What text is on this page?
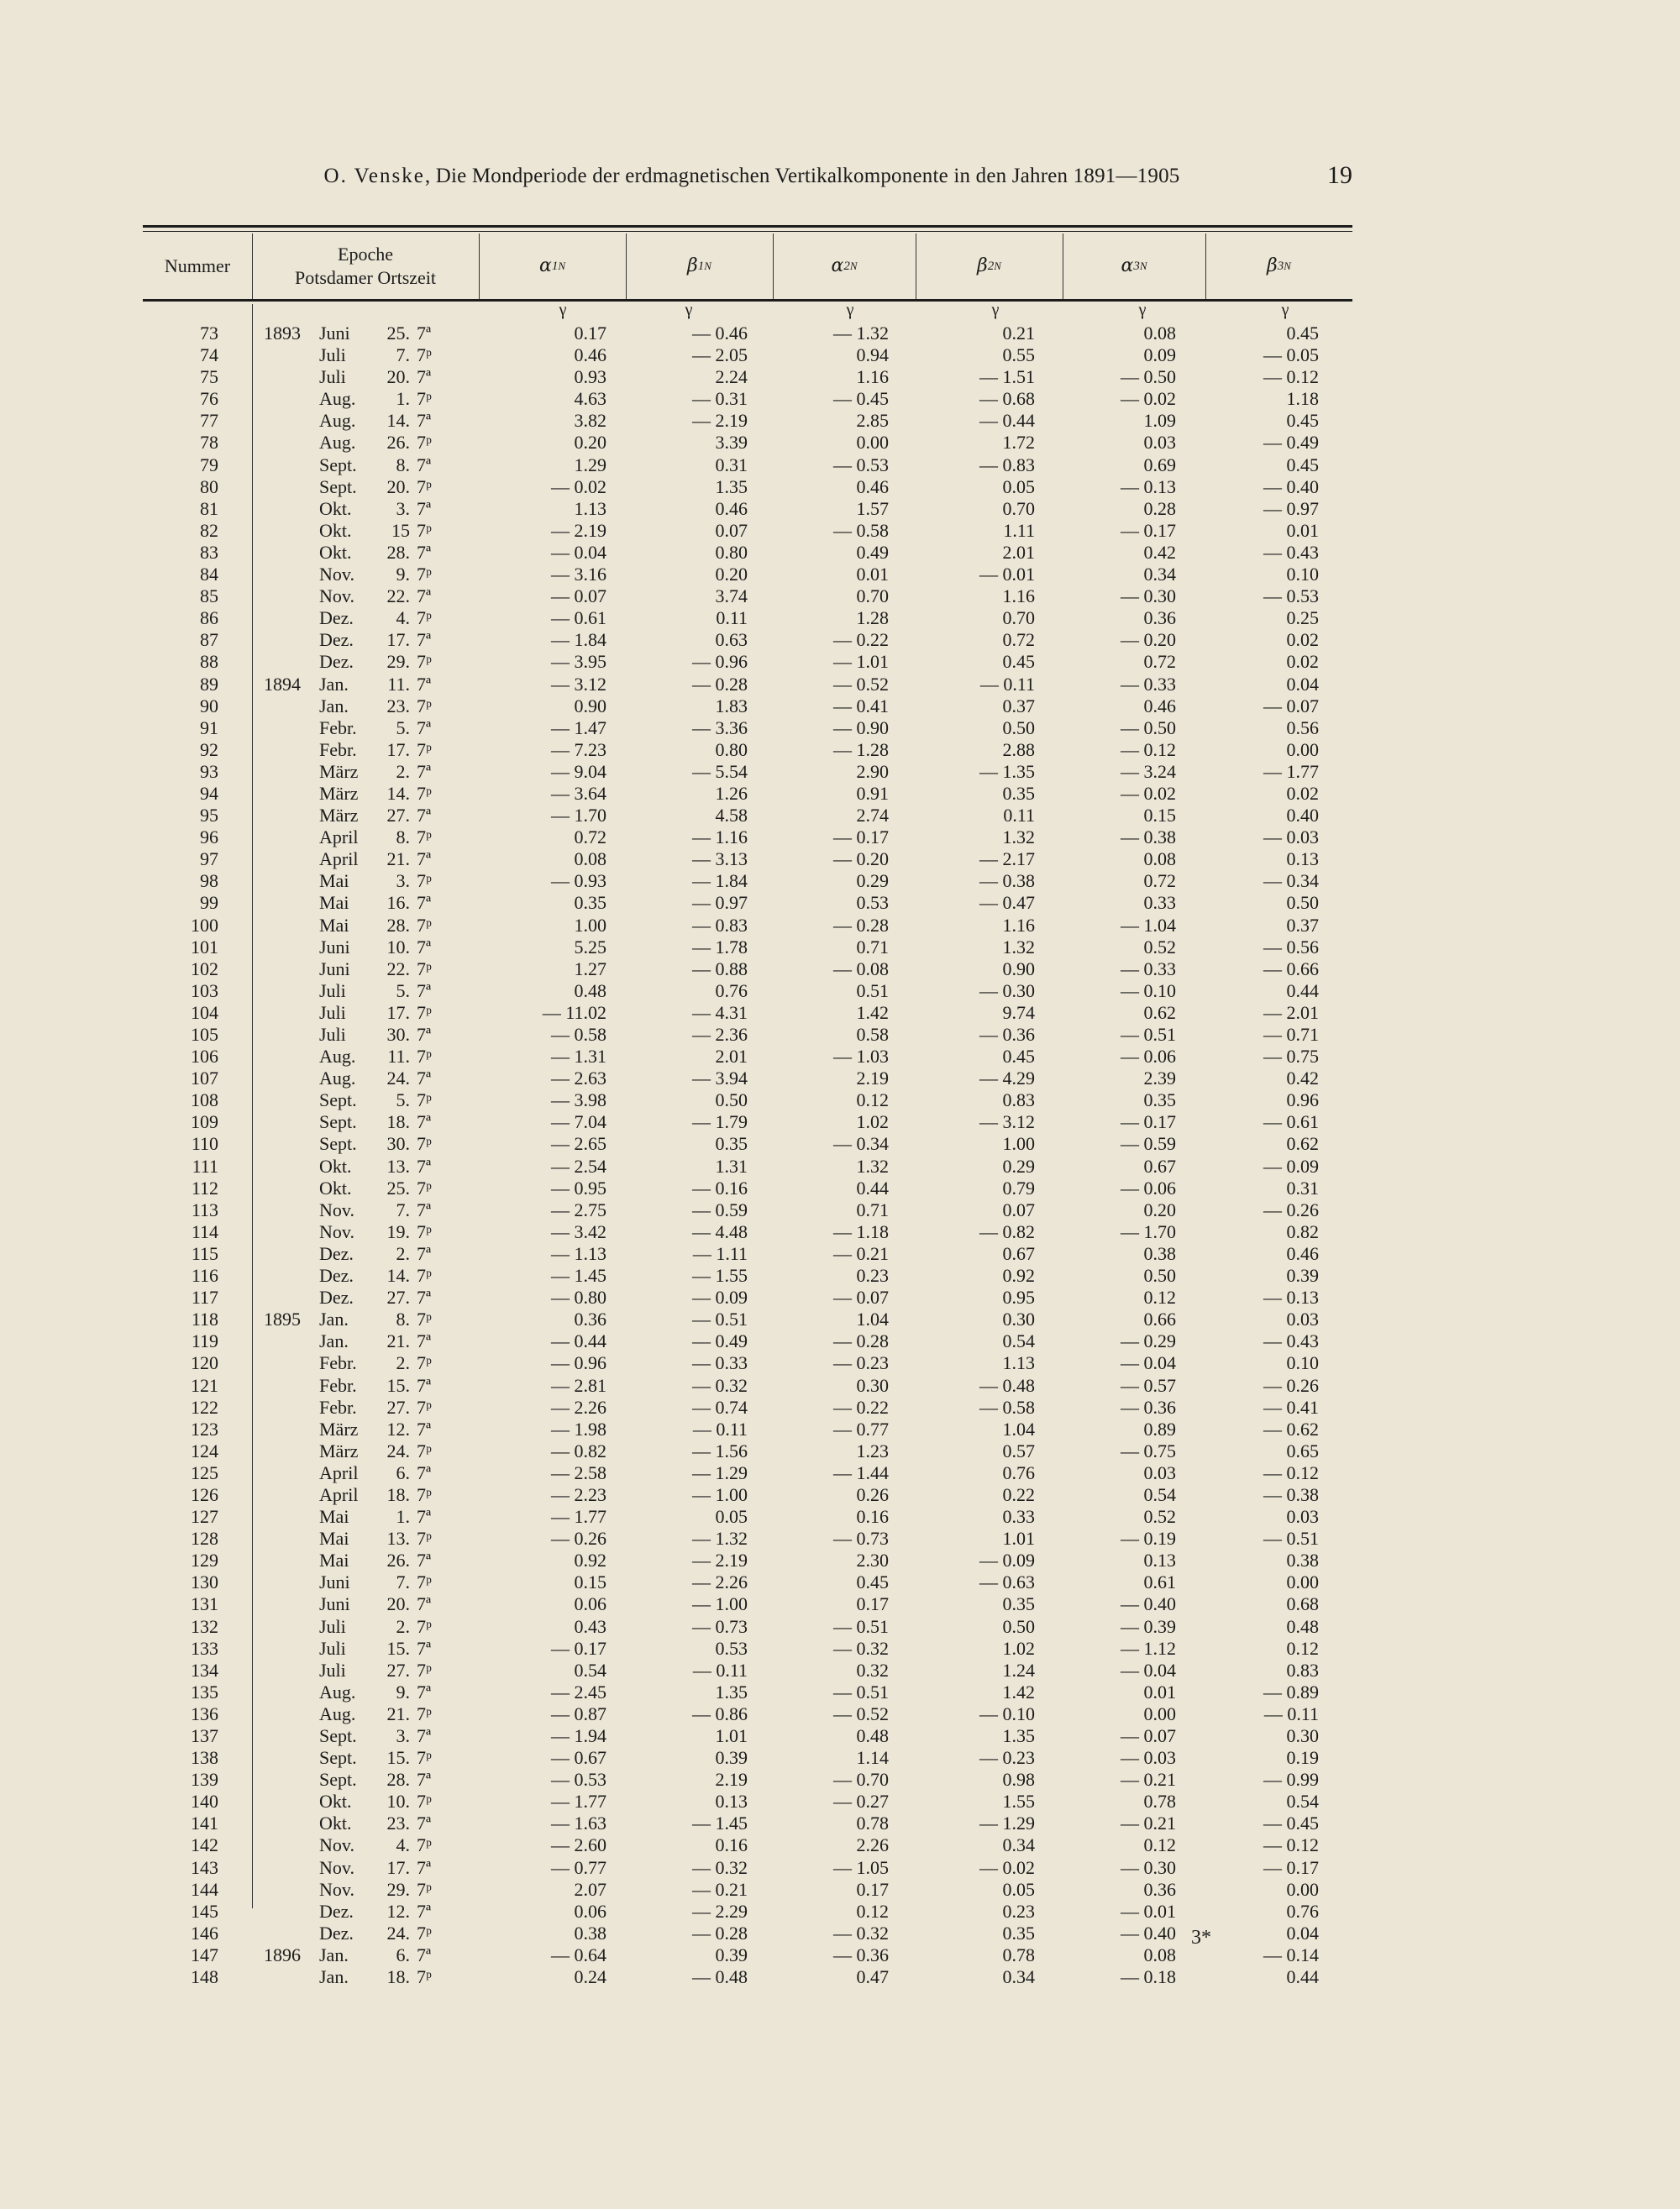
O. Venske, Die Mondperiode der erdmagnetischen Vertikalkomponente in den Jahren 1891—1905	19
Nummer
Epoche
Potsdamer Ortszeit
α 1 N	β 1 N	α 2 N	β 2 N	α 3 N	β 3 N
γ	γ	γ	γ	γ	γ
73 1893	Juni	25. 7ª	0.17	— 0.46	— 1.32	0.21	0.08	0.45
74	Juli	7. 7ᵖ	0.46	— 2.05	0.94	0.55	0.09	— 0.05
75	Juli	20. 7ª	0.93	2.24	1.16	— 1.51	— 0.50	— 0.12
76	Aug.	1. 7ᵖ	4.63	— 0.31	— 0.45	— 0.68	— 0.02	1.18
77	Aug.	14. 7ª	3.82	— 2.19	2.85	— 0.44	1.09	0.45
78	Aug.	26. 7ᵖ	0.20	3.39	0.00	1.72	0.03	— 0.49
79	Sept.	8. 7ª	1.29	0.31	— 0.53	— 0.83	0.69	0.45
80	Sept.	20. 7ᵖ	— 0.02	1.35	0.46	0.05	— 0.13	— 0.40
81	Okt.	3. 7ª	1.13	0.46	1.57	0.70	0.28	— 0.97
82	Okt.	15 7ᵖ	— 2.19	0.07	— 0.58	1.11	— 0.17	0.01
83	Okt.	28. 7ª	— 0.04	0.80	0.49	2.01	0.42	— 0.43
84	Nov.	9. 7ᵖ	— 3.16	0.20	0.01	— 0.01	0.34	0.10
85	Nov.	22. 7ª	— 0.07	3.74	0.70	1.16	— 0.30	— 0.53
86	Dez.	4. 7ᵖ	— 0.61	0.11	1.28	0.70	0.36	0.25
87	Dez.	17. 7ª	— 1.84	0.63	— 0.22	0.72	— 0.20	0.02
88	Dez.	29. 7ᵖ	— 3.95	— 0.96	— 1.01	0.45	0.72	0.02
89 1894	Jan.	11. 7ª	— 3.12	— 0.28	— 0.52	— 0.11	— 0.33	0.04
90	Jan.	23. 7ᵖ	0.90	1.83	— 0.41	0.37	0.46	— 0.07
91	Febr.	5. 7ª	— 1.47	— 3.36	— 0.90	0.50	— 0.50	0.56
92	Febr.	17. 7ᵖ	— 7.23	0.80	— 1.28	2.88	— 0.12	0.00
93	März	2. 7ª	— 9.04	— 5.54	2.90	— 1.35	— 3.24	— 1.77
94	März	14. 7ᵖ	— 3.64	1.26	0.91	0.35	— 0.02	0.02
95	März	27. 7ª	— 1.70	4.58	2.74	0.11	0.15	0.40
96	April	8. 7ᵖ	0.72	— 1.16	— 0.17	1.32	— 0.38	— 0.03
97	April	21. 7ª	0.08	— 3.13	— 0.20	— 2.17	0.08	0.13
98	Mai	3. 7ᵖ	— 0.93	— 1.84	0.29	— 0.38	0.72	— 0.34
99	Mai	16. 7ª	0.35	— 0.97	0.53	— 0.47	0.33	0.50
100	Mai	28. 7ᵖ	1.00	— 0.83	— 0.28	1.16	— 1.04	0.37
101	Juni	10. 7ª	5.25	— 1.78	0.71	1.32	0.52	— 0.56
102	Juni	22. 7ᵖ	1.27	— 0.88	— 0.08	0.90	— 0.33	— 0.66
103	Juli	5. 7ª	0.48	0.76	0.51	— 0.30	— 0.10	0.44
104	Juli	17. 7ᵖ	— 11.02	— 4.31	1.42	9.74	0.62	— 2.01
105	Juli	30. 7ª	— 0.58	— 2.36	0.58	— 0.36	— 0.51	— 0.71
106	Aug.	11. 7ᵖ	— 1.31	2.01	— 1.03	0.45	— 0.06	— 0.75
107	Aug.	24. 7ª	— 2.63	— 3.94	2.19	— 4.29	2.39	0.42
108	Sept.	5. 7ᵖ	— 3.98	0.50	0.12	0.83	0.35	0.96
109	Sept.	18. 7ª	— 7.04	— 1.79	1.02	— 3.12	— 0.17	— 0.61
110	Sept.	30. 7ᵖ	— 2.65	0.35	— 0.34	1.00	— 0.59	0.62
111	Okt.	13. 7ª	— 2.54	1.31	1.32	0.29	0.67	— 0.09
112	Okt.	25. 7ᵖ	— 0.95	— 0.16	0.44	0.79	— 0.06	0.31
113	Nov.	7. 7ª	— 2.75	— 0.59	0.71	0.07	0.20	— 0.26
114	Nov.	19. 7ᵖ	— 3.42	— 4.48	— 1.18	— 0.82	— 1.70	0.82
115	Dez.	2. 7ª	— 1.13	— 1.11	— 0.21	0.67	0.38	0.46
116	Dez.	14. 7ᵖ	— 1.45	— 1.55	0.23	0.92	0.50	0.39
117	Dez.	27. 7ª	— 0.80	— 0.09	— 0.07	0.95	0.12	— 0.13
118 1895	Jan.	8. 7ᵖ	0.36	— 0.51	1.04	0.30	0.66	0.03
119	Jan.	21. 7ª	— 0.44	— 0.49	— 0.28	0.54	— 0.29	— 0.43
120	Febr.	2. 7ᵖ	— 0.96	— 0.33	— 0.23	1.13	— 0.04	0.10
121	Febr.	15. 7ª	— 2.81	— 0.32	0.30	— 0.48	— 0.57	— 0.26
122	Febr.	27. 7ᵖ	— 2.26	— 0.74	— 0.22	— 0.58	— 0.36	— 0.41
123	März	12. 7ª	— 1.98	— 0.11	— 0.77	1.04	0.89	— 0.62
124	März	24. 7ᵖ	— 0.82	— 1.56	1.23	0.57	— 0.75	0.65
125	April	6. 7ª	— 2.58	— 1.29	— 1.44	0.76	0.03	— 0.12
126	April	18. 7ᵖ	— 2.23	— 1.00	0.26	0.22	0.54	— 0.38
127	Mai	1. 7ª	— 1.77	0.05	0.16	0.33	0.52	0.03
128	Mai	13. 7ᵖ	— 0.26	— 1.32	— 0.73	1.01	— 0.19	— 0.51
129	Mai	26. 7ª	0.92	— 2.19	2.30	— 0.09	0.13	0.38
130	Juni	7. 7ᵖ	0.15	— 2.26	0.45	— 0.63	0.61	0.00
131	Juni	20. 7ª	0.06	— 1.00	0.17	0.35	— 0.40	0.68
132	Juli	2. 7ᵖ	0.43	— 0.73	— 0.51	0.50	— 0.39	0.48
133	Juli	15. 7ª	— 0.17	0.53	— 0.32	1.02	— 1.12	0.12
134	Juli	27. 7ᵖ	0.54	— 0.11	0.32	1.24	— 0.04	0.83
135	Aug.	9. 7ª	— 2.45	1.35	— 0.51	1.42	0.01	— 0.89
136	Aug.	21. 7ᵖ	— 0.87	— 0.86	— 0.52	— 0.10	0.00	— 0.11
137	Sept.	3. 7ª	— 1.94	1.01	0.48	1.35	— 0.07	0.30
138	Sept.	15. 7ᵖ	— 0.67	0.39	1.14	— 0.23	— 0.03	0.19
139	Sept.	28. 7ª	— 0.53	2.19	— 0.70	0.98	— 0.21	— 0.99
140	Okt.	10. 7ᵖ	— 1.77	0.13	— 0.27	1.55	0.78	0.54
141	Okt.	23. 7ª	— 1.63	— 1.45	0.78	— 1.29	— 0.21	— 0.45
142	Nov.	4. 7ᵖ	— 2.60	0.16	2.26	0.34	0.12	— 0.12
143	Nov.	17. 7ª	— 0.77	— 0.32	— 1.05	— 0.02	— 0.30	— 0.17
144	Nov.	29. 7ᵖ	2.07	— 0.21	0.17	0.05	0.36	0.00
145	Dez.	12. 7ª	0.06	— 2.29	0.12	0.23	— 0.01	0.76
146	Dez.	24. 7ᵖ	0.38	— 0.28	— 0.32	0.35	— 0.40	0.04
147 1896	Jan.	6. 7ª	— 0.64	0.39	— 0.36	0.78	0.08	— 0.14
148	Jan.	18. 7ᵖ	0.24	— 0.48	0.47	0.34	— 0.18	0.44
3*
